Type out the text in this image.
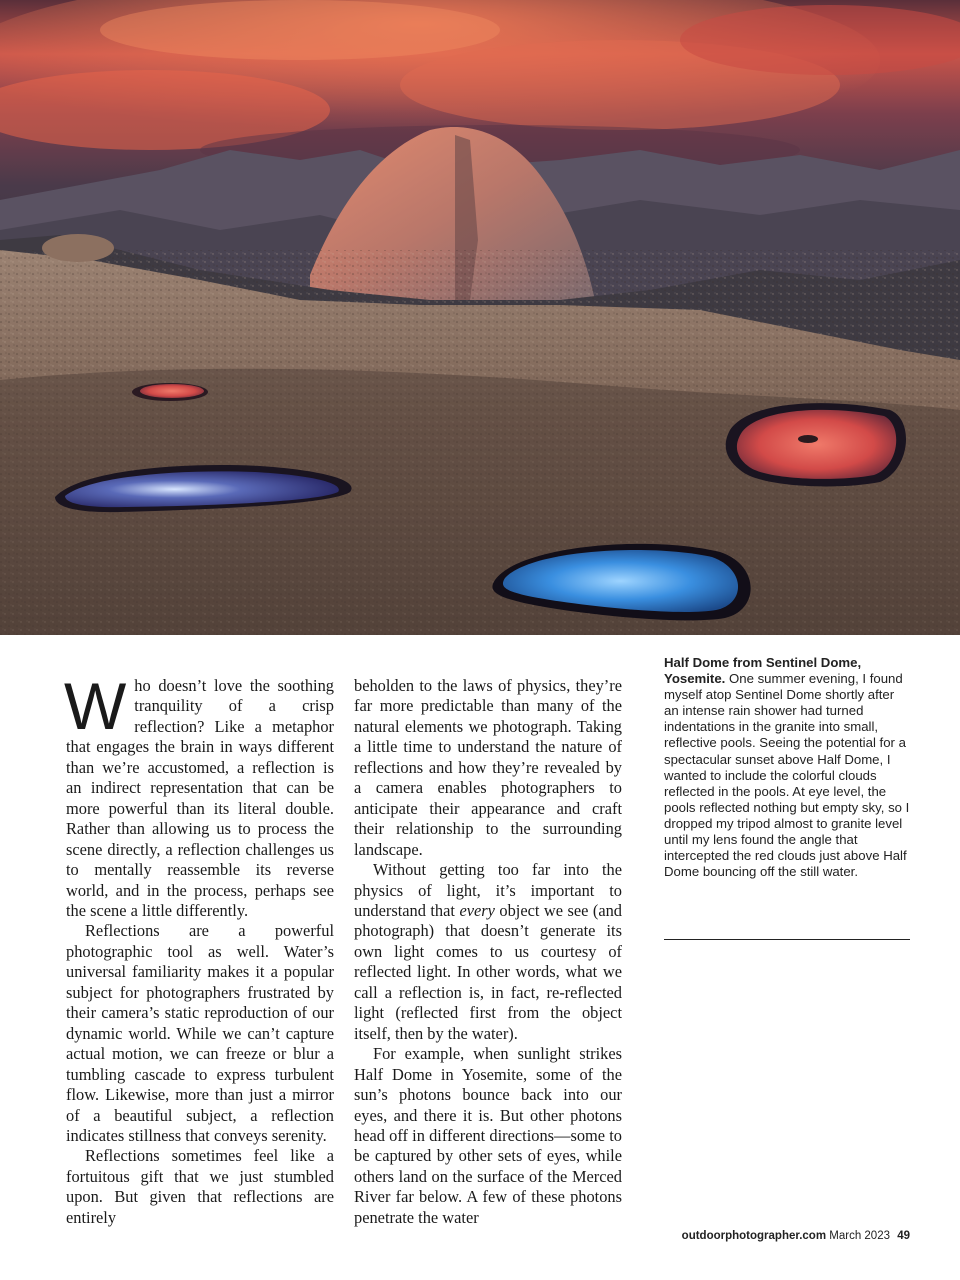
Who doesn’t love the soothing tranquility of a crisp reflection? Like a metaphor that engages the brain in ways different than we’re accustomed, a reflection is an indirect representation that can be more powerful than its literal double. Rather than allowing us to process the scene directly, a reflection challenges us to mentally reassemble its reverse world, and in the process, perhaps see the scene a little differently.

Reflections are a powerful photographic tool as well. Water’s universal familiarity makes it a popular subject for photographers frustrated by their camera’s static reproduction of our dynamic world. While we can’t capture actual motion, we can freeze or blur a tumbling cascade to express turbulent flow. Likewise, more than just a mirror of a beautiful subject, a reflection indicates stillness that conveys serenity.

Reflections sometimes feel like a fortuitous gift that we just stumbled upon. But given that reflections are entirely

beholden to the laws of physics, they’re far more predictable than many of the natural elements we photograph. Taking a little time to understand the nature of reflections and how they’re revealed by a camera enables photographers to anticipate their appearance and craft their relationship to the surrounding landscape.

Without getting too far into the physics of light, it’s important to understand that every object we see (and photograph) that doesn’t generate its own light comes to us courtesy of reflected light. In other words, what we call a reflection is, in fact, re-reflected light (reflected first from the object itself, then by the water).

For example, when sunlight strikes Half Dome in Yosemite, some of the sun’s photons bounce back into our eyes, and there it is. But other photons head off in different directions—some to be captured by other sets of eyes, while others land on the surface of the Merced River far below. A few of these photons penetrate the water

Half Dome from Sentinel Dome, Yosemite. One summer evening, I found myself atop Sentinel Dome shortly after an intense rain shower had turned indentations in the granite into small, reflective pools. Seeing the potential for a spectacular sunset above Half Dome, I wanted to include the colorful clouds reflected in the pools. At eye level, the pools reflected nothing but empty sky, so I dropped my tripod almost to granite level until my lens found the angle that intercepted the red clouds just above Half Dome bouncing off the still water.
outdoorphotographer.com March 2023 49
